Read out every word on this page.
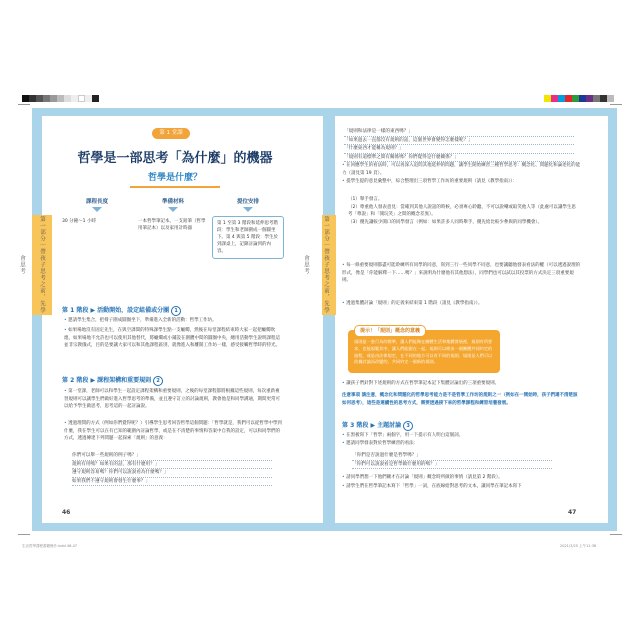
第一部分｜帶孩子思考之前，先學會思考	第一部分｜帶孩子思考之前，先學會思考
第 1 堂課
哲學是一部思考「為什麼」的機器
哲學是什麼？
課程長度
30 分鐘～1 小時
準備材料
一本哲學筆記本、一支鉛筆（哲學用筆記本）以及家用計時器
提位安排
第 1 至第 3 階段和延伸思考階段：學生和老師圍成一個圓坐下。第 4 與第 5 階段：學生於到課桌上，記錄討論到的內容。
第 1 階段 ▶ 活動開始，設定組備或分團 1
• 邀請學生集合，把椅子圍成圓圈坐下，準備進入全新的活動：哲學工作坊。
• 如果場地沒有固定先生，在與空課間的特殊課學生點一支蠟燭，然後在每堂課程結束時大家一起把蠟燭吹熄，如果場地不允許也可以使用其他替代，將蠟燭或小鋪設在圍體中間的圓圈中央，總用活動學生說明課程這並非宗教儀式，目的是要讓大家可以和其他課程區別，就像進入和離開工作坊一樣，感受接觸哲學時的特光。
第 2 階段 ▶ 課程架構和重要規則 2
• 第一堂課，老師可以和學生一起設定課程架構和重要規則，之後的每堂課程都將根據這些規則，每次重新複習規則可以讓學生們做好進入哲學思考的準備，並且遵守訂立的討論規則，教會他是和同學溝通，期間更常可以給予學生做思考，思考這的一起討論說。
• 透過理問的方式（例如你們覺得呢？）引導學生思考回答哲學這個問題：「哲學就是，我們可以從哲學中學到什麼，我在學生可以在有已知的範圍內討論哲學，或是在不清楚的事情和答案中自我的設定，可以和同學們的方式，透過傳達下列問題一起探索「規則」的意義：
你們可以舉一些規則的例子嗎？」
規則有用嗎？如果有的話，那有什麼用？」
遵守規則容易嗎？你們可以說說看為什麼嗎？」
如果我們不遵守規則會發生什麼事？」
46
「規則和法律是一樣的東西嗎？」
「如果過去一直都沒有規則的話，這個世界會變得怎麼樣呢？」
「什麼東西才能稱為規則？」
「規則有道標準之間有關係嗎？你們覺得是什麼關係？」
• 在回應學生的看法時，可以再深入追問其他延伸的問題，讓學生開始練習三種哲學思考：概念化、問題化和論述化的能力（請見第 19 頁）。
• 提學生提的意見彙整中，綜合整理出三項哲學工作坊的重要規則（請見《教學指南》）：
（1）舉手發言。
（2）尊重他人發表意見：當確到其他人說話的時候，必須專心聆聽，不可以說嘲或取笑他人等（此處可以讓學生思考「尊說」和「開玩笑」之間的概念差異）。
（3）優先讓較少開口的同學發言（例如：如果許多人同時舉手，優先給比較少參與的同學機會）。
• 每一條重要規則都盡可能聆練所有同學的同意，寫到三行一些同學不同意，也要讓聽他發表看法的權（可以透過說理的形式，像是「你能解釋一下……嗎？」來說明為什麼他有其他想法），同學們也可以試以其投票的方式決定三項重要規則。
• 透過集體討論「規則」的定義來結束第 1 階段（請見《教學指南》）。
提示！「規則」概念的意義
規則是一套行為的標準，讓人們能夠在團體生活和集體發展裡，規則有所要求，也能規範其中，讓人們能跟在一起。規則可以經由一個團體共同約定的過程，或是由法律規定，在不同的地方可以有不同的規則、規則是人們可以依據討論而改變的，共同約定一個新的規則。
• 讓孩子們針對下述規則的方式在哲學筆記本記下集體討論出的三項重要規則。
注意事項 請注意，概念化和問題化的哲學思考能力是不是哲學工作坊的規則之一（例如在一開始時，孩子們還不清楚該如何思考），這些是連續性的思考方式，需要透過接下來的哲學課程和練習培養發展。
第 3 階段 ▶ 主題討論 3
• 在黑板寫下「哲學」兩個字，用一下提示有人明白這個詞。
• 邀請同學發表對於哲學練習的看法：
「你們是否說過什麼是哲學嗎？」
「你們可以說說看是哲學做什麼用的嗎？」
• 請同學們想一下他們剛才在討論「規則」概念時所做的事情（請見第 2 階段）。
• 請學生們在哲學筆記本寫下「哲學」一詞，在底線給對思考的文本，讓同學在筆記本寫下
47
生活哲學課程書籍簡介.indd 46-47	2021/3/25 上午11:36
